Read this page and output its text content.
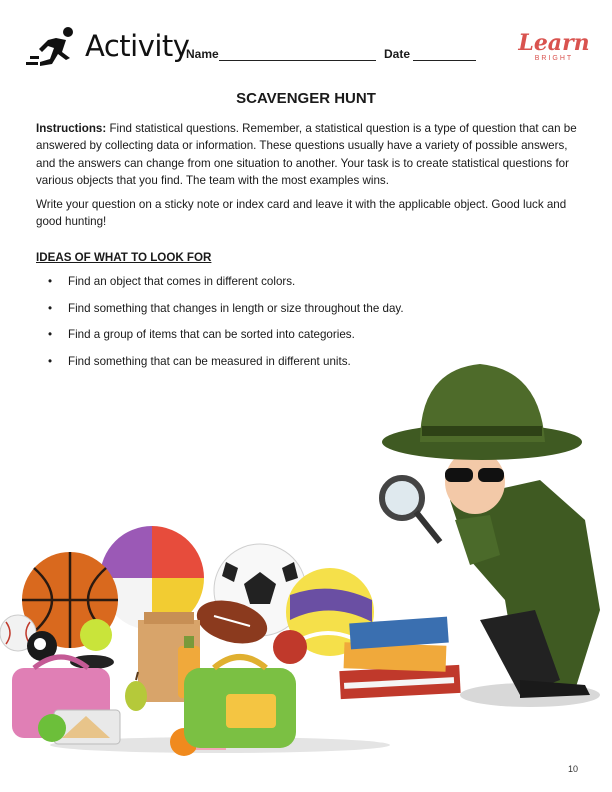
Activity
Name	Date	Learn
BRIGHT
SCAVENGER HUNT
Instructions: Find statistical questions. Remember, a statistical question is a type of question that can be answered by collecting data or information. These questions usually have a variety of possible answers, and the answers can change from one situation to another. Your task is to create statistical questions for various objects that you find. The team with the most examples wins.
Write your question on a sticky note or index card and leave it with the applicable object. Good luck and good hunting!
IDEAS OF WHAT TO LOOK FOR
• Find an object that comes in different colors.
• Find something that changes in length or size throughout the day.
• Find a group of items that can be sorted into categories.
• Find something that can be measured in different units.
10
